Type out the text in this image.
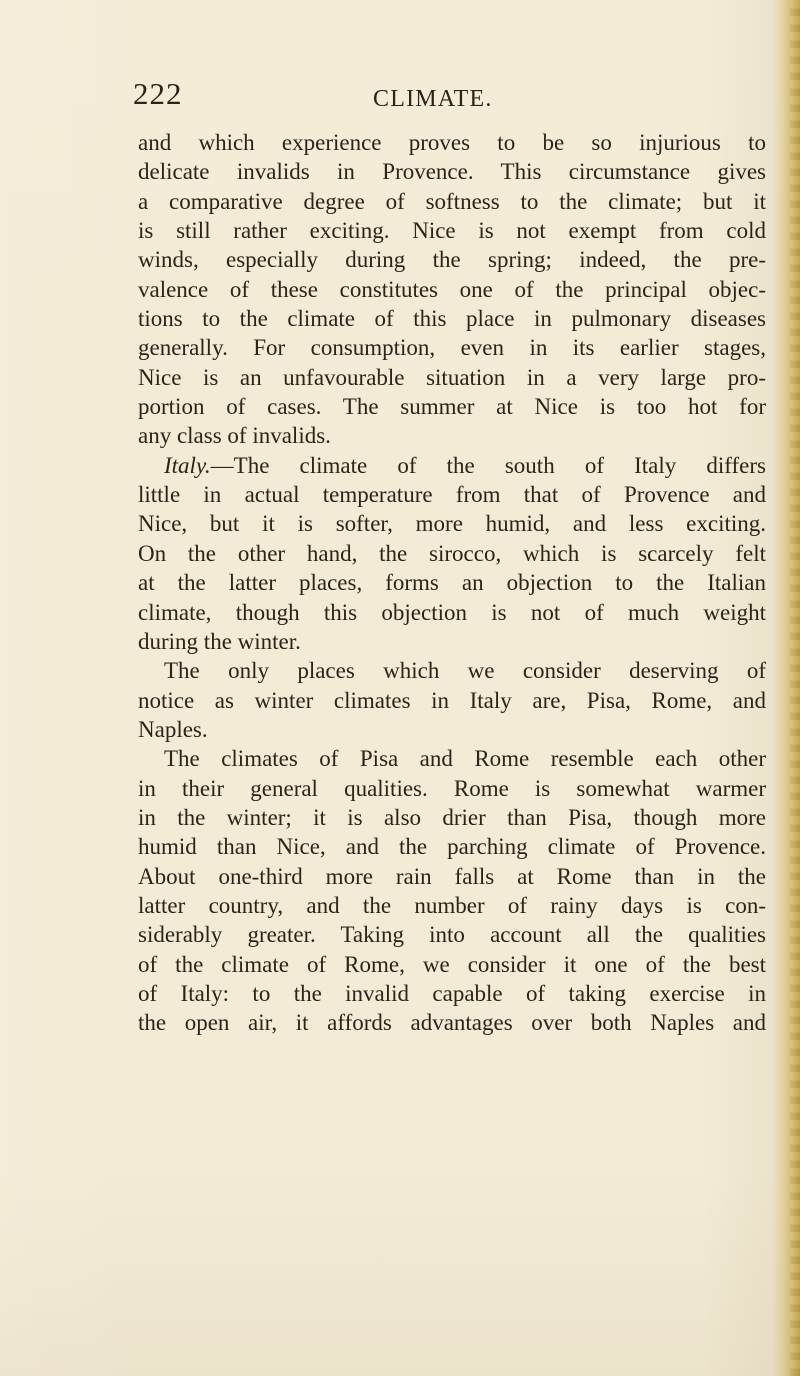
222	CLIMATE.
and which experience proves to be so injurious to
delicate invalids in Provence. This circumstance gives
a comparative degree of softness to the climate; but it
is still rather exciting. Nice is not exempt from cold
winds, especially during the spring; indeed, the pre-
valence of these constitutes one of the principal objec-
tions to the climate of this place in pulmonary diseases
generally. For consumption, even in its earlier stages,
Nice is an unfavourable situation in a very large pro-
portion of cases. The summer at Nice is too hot for
any class of invalids.
Italy.—The climate of the south of Italy differs
little in actual temperature from that of Provence and
Nice, but it is softer, more humid, and less exciting.
On the other hand, the sirocco, which is scarcely felt
at the latter places, forms an objection to the Italian
climate, though this objection is not of much weight
during the winter.
The only places which we consider deserving of
notice as winter climates in Italy are, Pisa, Rome, and
Naples.
The climates of Pisa and Rome resemble each other
in their general qualities. Rome is somewhat warmer
in the winter; it is also drier than Pisa, though more
humid than Nice, and the parching climate of Provence.
About one-third more rain falls at Rome than in the
latter country, and the number of rainy days is con-
siderably greater. Taking into account all the qualities
of the climate of Rome, we consider it one of the best
of Italy: to the invalid capable of taking exercise in
the open air, it affords advantages over both Naples and
